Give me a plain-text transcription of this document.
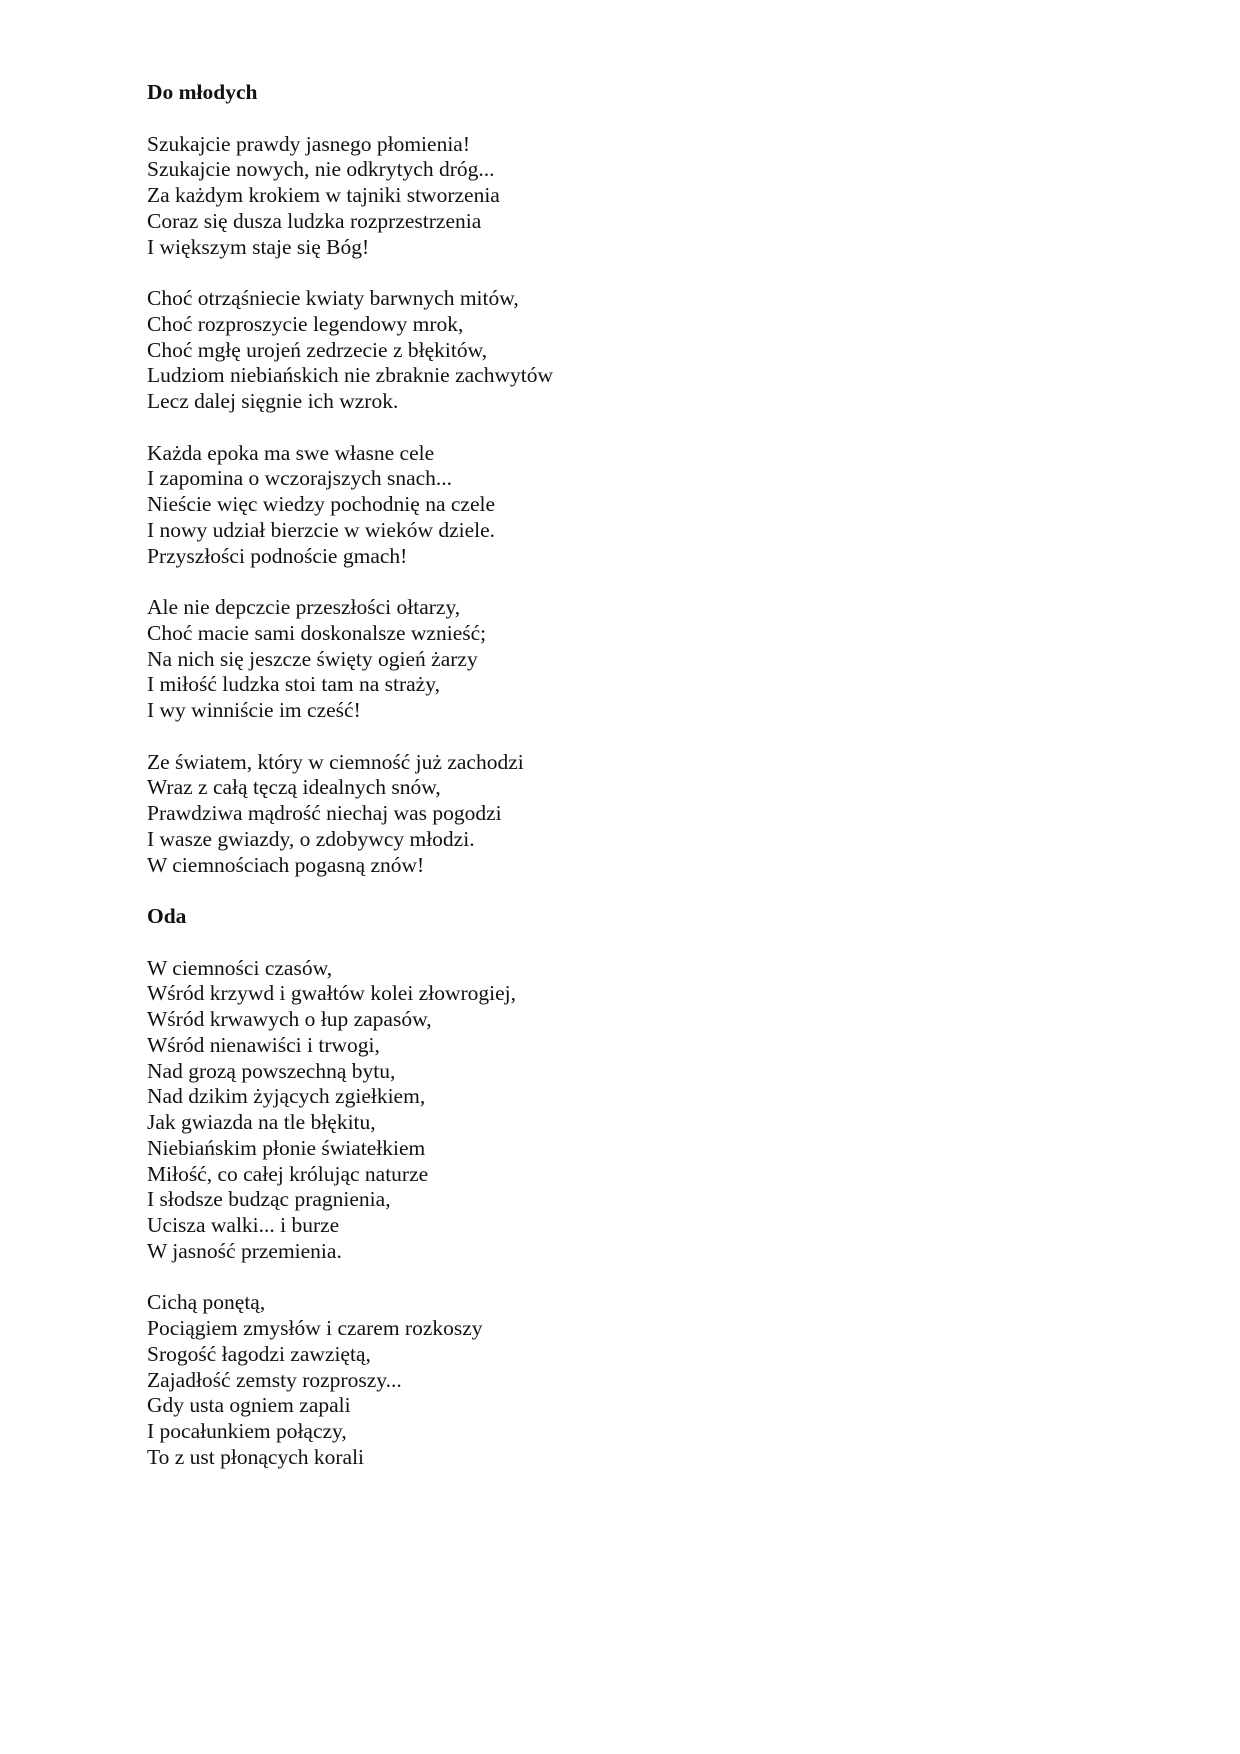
Do młodych
Szukajcie prawdy jasnego płomienia!
Szukajcie nowych, nie odkrytych dróg...
Za każdym krokiem w tajniki stworzenia
Coraz się dusza ludzka rozprzestrzenia
I większym staje się Bóg!
Choć otrząśniecie kwiaty barwnych mitów,
Choć rozproszycie legendowy mrok,
Choć mgłę urojeń zedrzecie z błękitów,
Ludziom niebiańskich nie zbraknie zachwytów
Lecz dalej sięgnie ich wzrok.
Każda epoka ma swe własne cele
I zapomina o wczorajszych snach...
Nieście więc wiedzy pochodnię na czele
I nowy udział bierzcie w wieków dziele.
Przyszłości podnoście gmach!
Ale nie depczcie przeszłości ołtarzy,
Choć macie sami doskonalsze wznieść;
Na nich się jeszcze święty ogień żarzy
I miłość ludzka stoi tam na straży,
I wy winniście im cześć!
Ze światem, który w ciemność już zachodzi
Wraz z całą tęczą idealnych snów,
Prawdziwa mądrość niechaj was pogodzi
I wasze gwiazdy, o zdobywcy młodzi.
W ciemnościach pogasną znów!
Oda
W ciemności czasów,
Wśród krzywd i gwałtów kolei złowrogiej,
Wśród krwawych o łup zapasów,
Wśród nienawiści i trwogi,
Nad grozą powszechną bytu,
Nad dzikim żyjących zgiełkiem,
Jak gwiazda na tle błękitu,
Niebiańskim płonie światełkiem
Miłość, co całej królując naturze
I słodsze budząc pragnienia,
Ucisza walki... i burze
W jasność przemienia.
Cichą ponętą,
Pociągiem zmysłów i czarem rozkoszy
Srogość łagodzi zawziętą,
Zajadłość zemsty rozproszy...
Gdy usta ogniem zapali
I pocałunkiem połączy,
To z ust płonących korali
